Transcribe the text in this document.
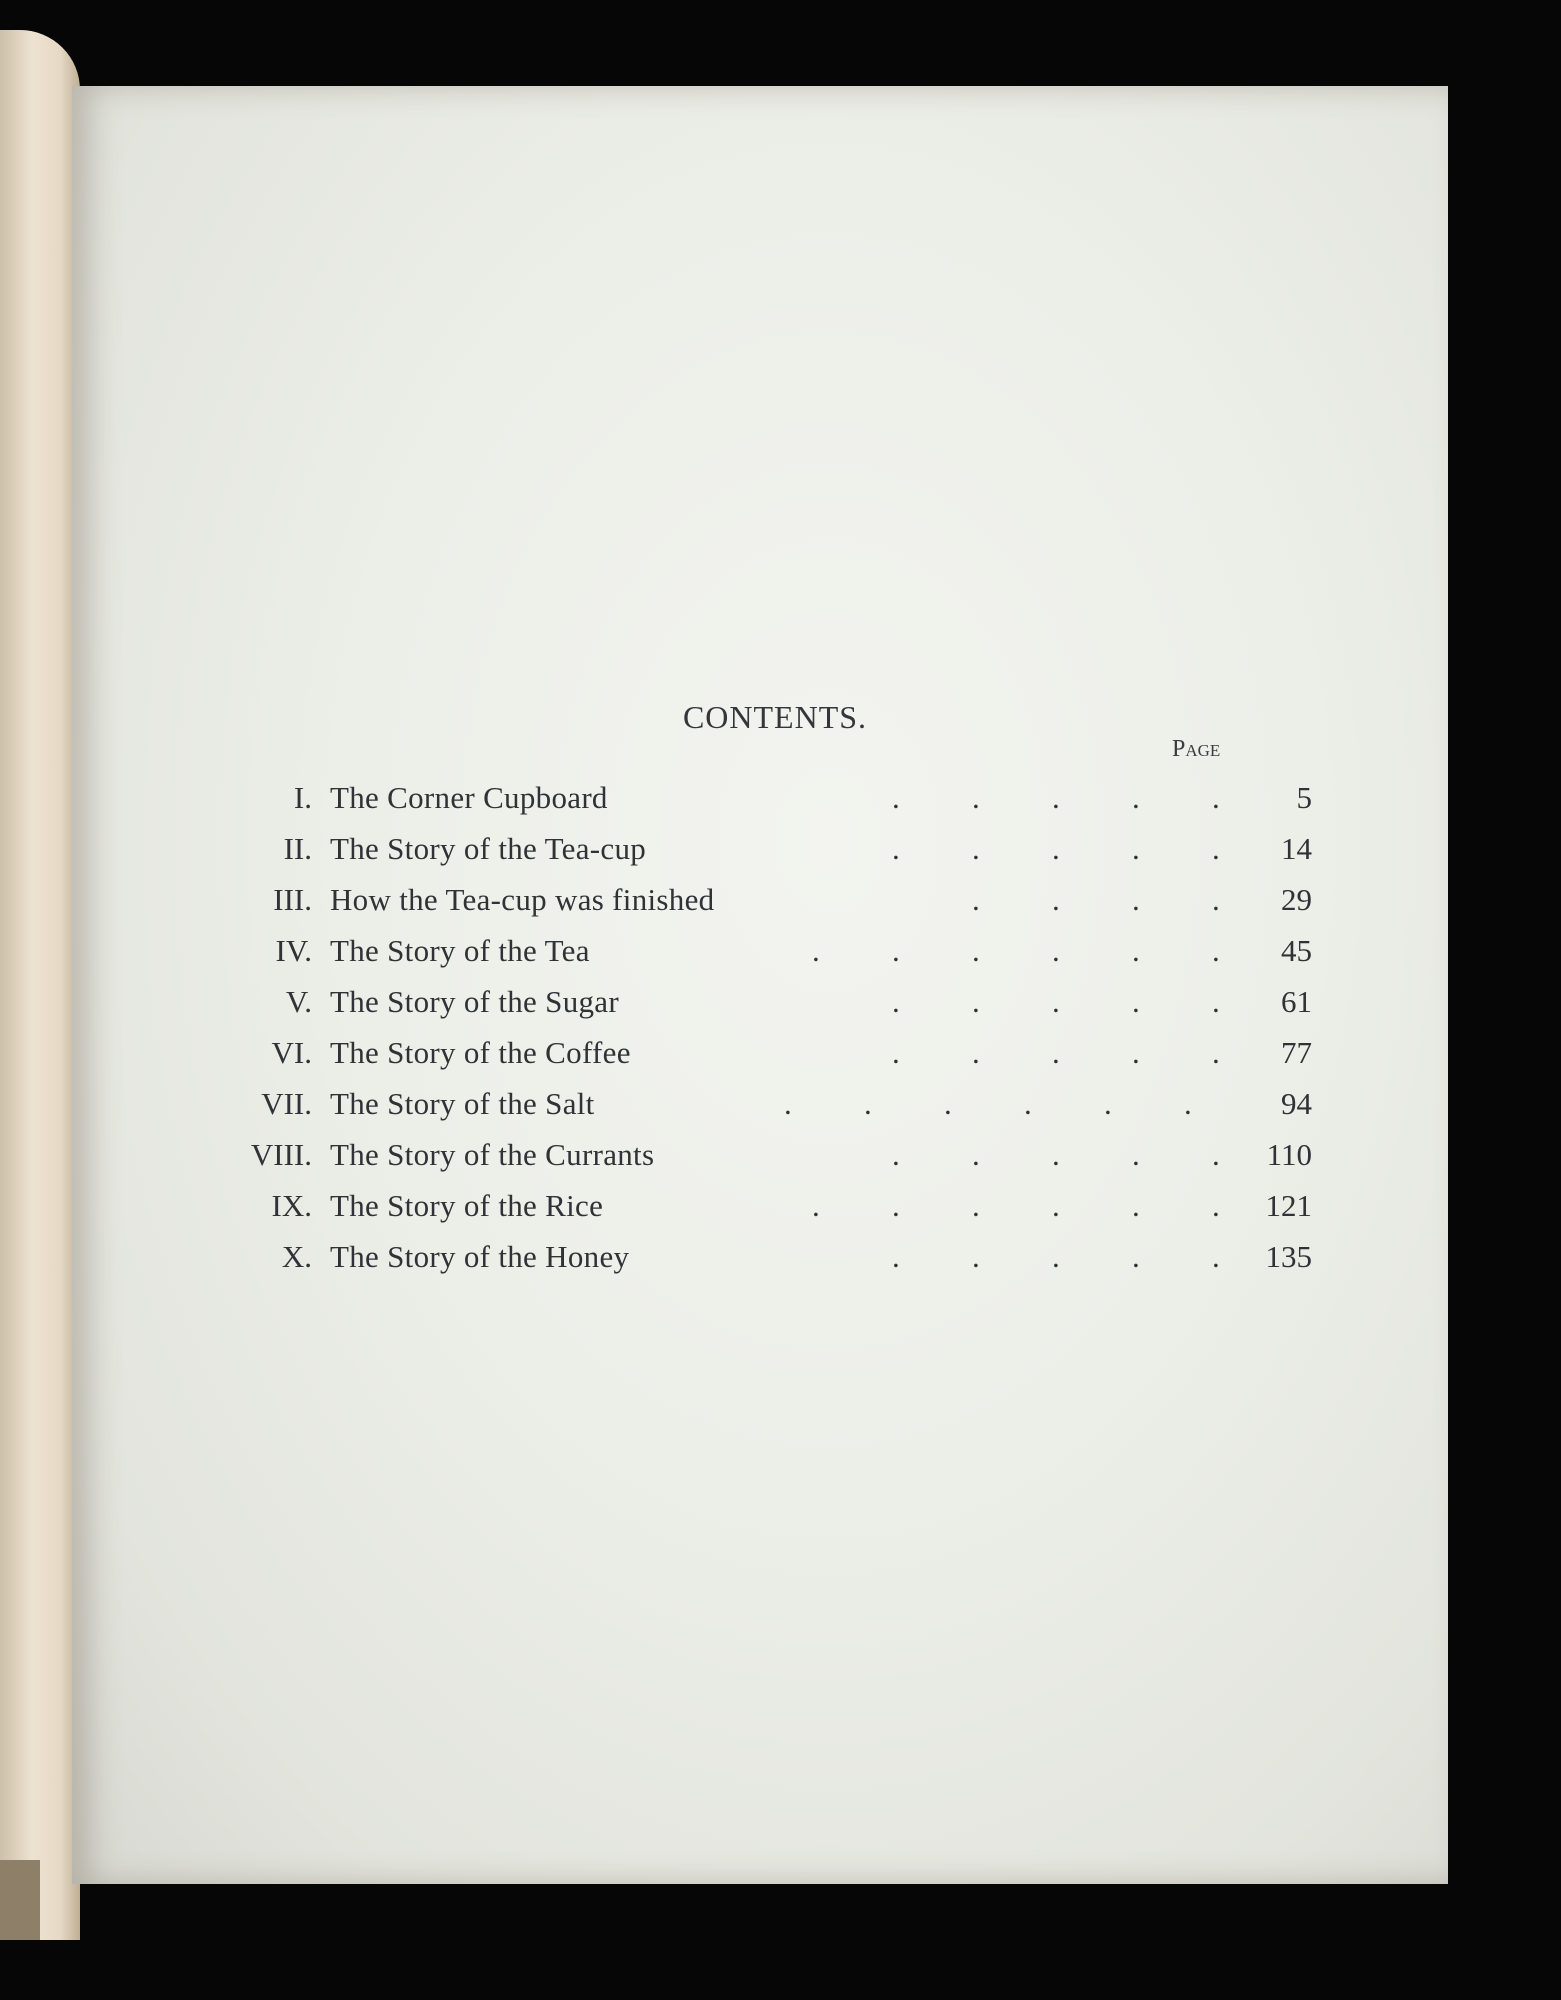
CONTENTS.
Page
I. The Corner Cupboard	. . . . .	5
II. The Story of the Tea-cup	. . . . .	14
III. How the Tea-cup was finished	. . . .	29
IV. The Story of the Tea	. . . . . .	45
V. The Story of the Sugar	. . . . .	61
VI. The Story of the Coffee	. . . . .	77
VII. The Story of the Salt	. . . . . .	94
VIII. The Story of the Currants	. . . . .	110
IX. The Story of the Rice	. . . . . .	121
X. The Story of the Honey	. . . . .	135
